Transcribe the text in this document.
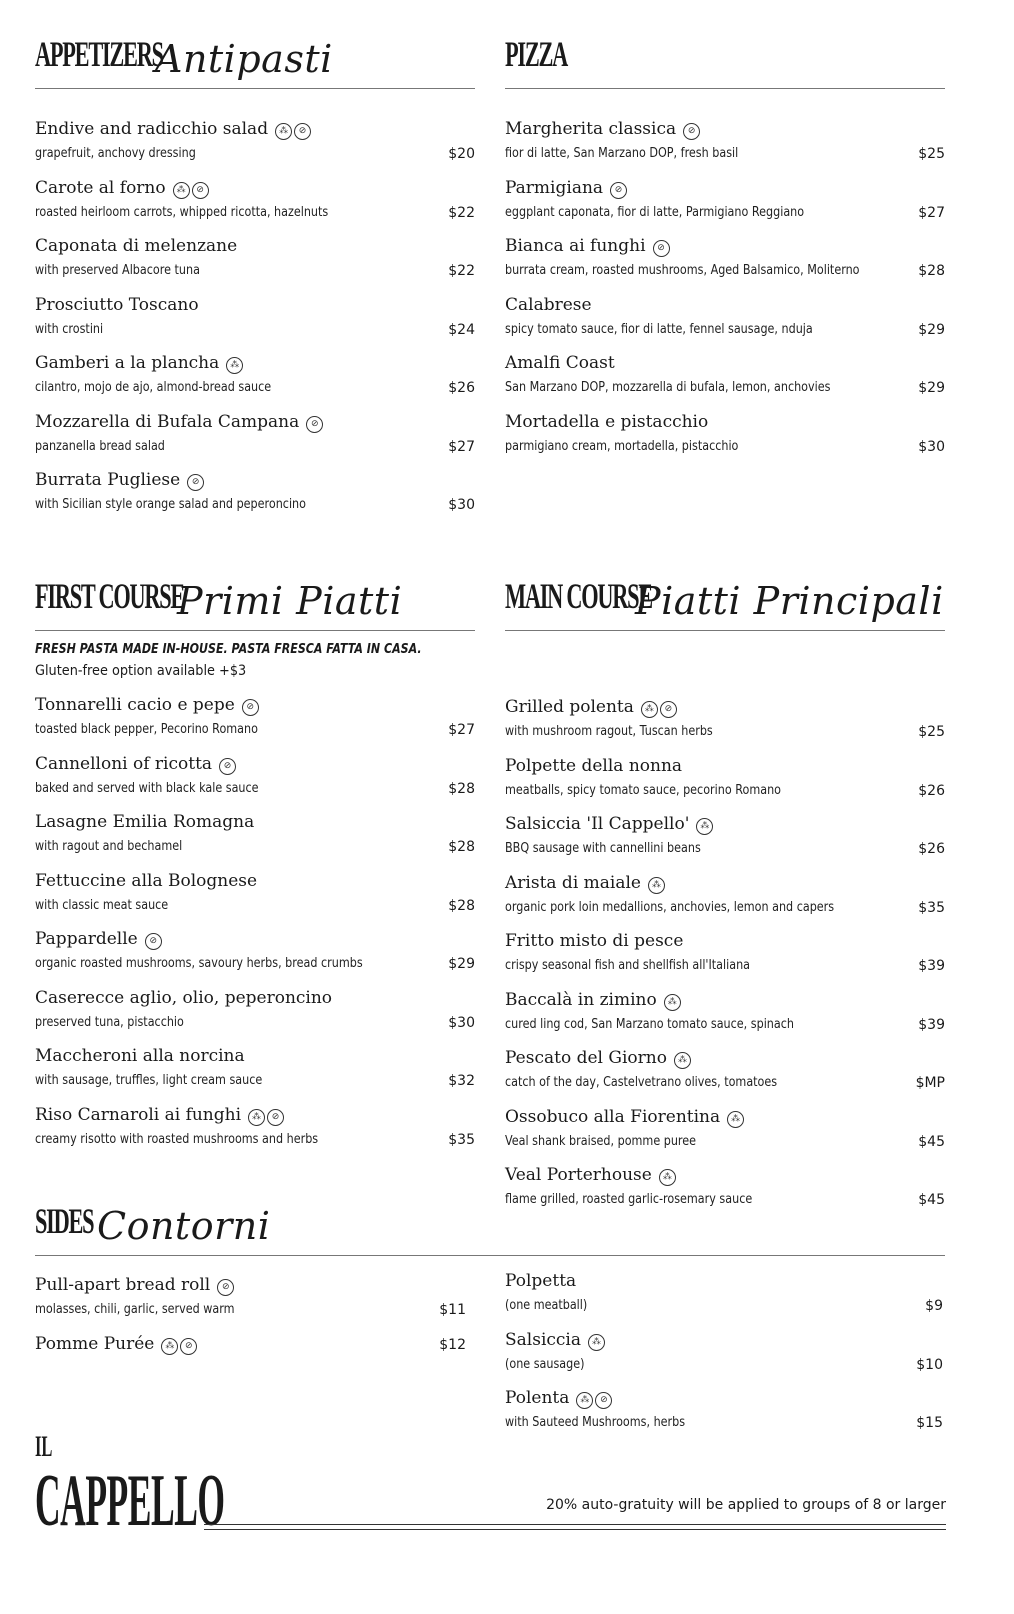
APPETIZERS
Antipasti
Endive and radicchio salad ⁂ ⊘
grapefruit, anchovy dressing	$20
Carote al forno ⁂ ⊘
roasted heirloom carrots, whipped ricotta, hazelnuts	$22
Caponata di melenzane
with preserved Albacore tuna	$22
Prosciutto Toscano
with crostini	$24
Gamberi a la plancha ⁂
cilantro, mojo de ajo, almond-bread sauce	$26
Mozzarella di Bufala Campana ⊘
panzanella bread salad	$27
Burrata Pugliese ⊘
with Sicilian style orange salad and peperoncino	$30
PIZZA
Margherita classica ⊘
fior di latte, San Marzano DOP, fresh basil	$25
Parmigiana ⊘
eggplant caponata, fior di latte, Parmigiano Reggiano	$27
Bianca ai funghi ⊘
burrata cream, roasted mushrooms, Aged Balsamico, Moliterno	$28
Calabrese
spicy tomato sauce, fior di latte, fennel sausage, nduja	$29
Amalfi Coast
San Marzano DOP, mozzarella di bufala, lemon, anchovies	$29
Mortadella e pistacchio
parmigiano cream, mortadella, pistacchio	$30
FIRST COURSE
Primi Piatti
FRESH PASTA MADE IN-HOUSE. PASTA FRESCA FATTA IN CASA.
Gluten-free option available +$3
Tonnarelli cacio e pepe ⊘
toasted black pepper, Pecorino Romano	$27
Cannelloni of ricotta ⊘
baked and served with black kale sauce	$28
Lasagne Emilia Romagna
with ragout and bechamel	$28
Fettuccine alla Bolognese
with classic meat sauce	$28
Pappardelle ⊘
organic roasted mushrooms, savoury herbs, bread crumbs	$29
Caserecce aglio, olio, peperoncino
preserved tuna, pistacchio	$30
Maccheroni alla norcina
with sausage, truffles, light cream sauce	$32
Riso Carnaroli ai funghi ⁂ ⊘
creamy risotto with roasted mushrooms and herbs	$35
MAIN COURSE
Piatti Principali
Grilled polenta ⁂ ⊘
with mushroom ragout, Tuscan herbs	$25
Polpette della nonna
meatballs, spicy tomato sauce, pecorino Romano	$26
Salsiccia 'Il Cappello' ⁂
BBQ sausage with cannellini beans	$26
Arista di maiale ⁂
organic pork loin medallions, anchovies, lemon and capers	$35
Fritto misto di pesce
crispy seasonal fish and shellfish all'Italiana	$39
Baccalà in zimino ⁂
cured ling cod, San Marzano tomato sauce, spinach	$39
Pescato del Giorno ⁂
catch of the day, Castelvetrano olives, tomatoes	$MP
Ossobuco alla Fiorentina ⁂
Veal shank braised, pomme puree	$45
Veal Porterhouse ⁂
flame grilled, roasted garlic-rosemary sauce	$45
SIDES Contorni
Pull-apart bread roll ⊘
molasses, chili, garlic, served warm	$11
Pomme Purée ⁂ ⊘	$12
Polpetta
(one meatball)	$9
Salsiccia ⁂
(one sausage)	$10
Polenta ⁂ ⊘
with Sauteed Mushrooms, herbs	$15
IL
CAPPELLO	20% auto-gratuity will be applied to groups of 8 or larger
